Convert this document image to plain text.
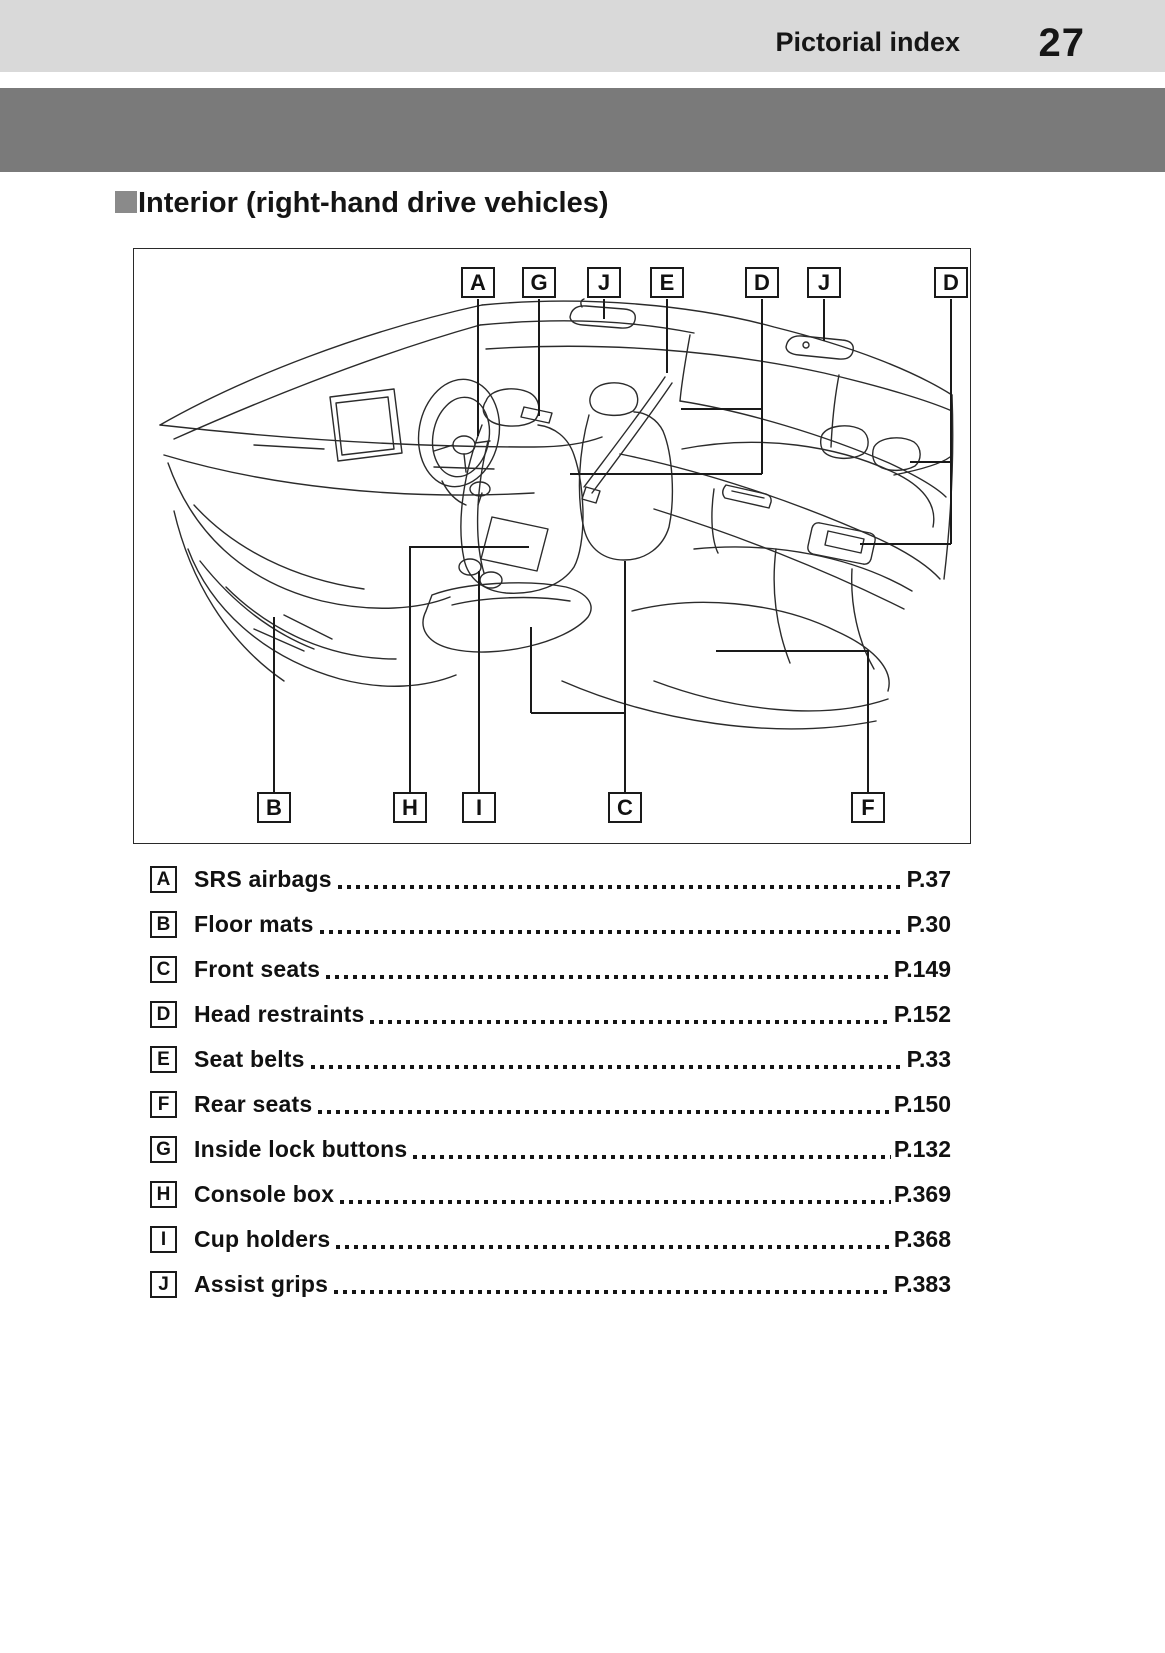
Pictorial index 27
Interior (right-hand drive vehicles)
A G J E	D J	D
B	H	I	C	F
A SRS airbags	P.37
B Floor mats	P.30
C Front seats	P.149
D Head restraints	P.152
E Seat belts	P.33
F Rear seats	P.150
G Inside lock buttons	P.132
H Console box	P.369
I Cup holders	P.368
J Assist grips	P.383
